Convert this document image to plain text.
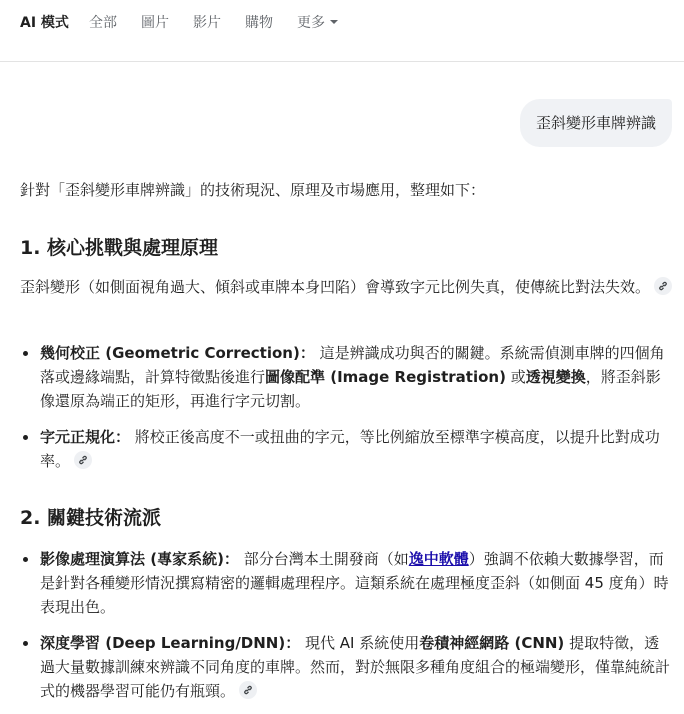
AI 模式 全部 圖片 影片 購物 更多
歪斜變形車牌辨識

針對「歪斜變形車牌辨識」的技術現況、原理及市場應用，整理如下：

1. 核心挑戰與處理原理

歪斜變形（如側面視角過大、傾斜或車牌本身凹陷）會導致字元比例失真，使傳統比對法失效。

幾何校正 (Geometric Correction)： 這是辨識成功與否的關鍵。系統需偵測車牌的四個角落或邊緣端點，計算特徵點後進行圖像配準 (Image Registration) 或透視變換，將歪斜影像還原為端正的矩形，再進行字元切割。
字元正規化： 將校正後高度不一或扭曲的字元，等比例縮放至標準字模高度，以提升比對成功率。
2. 關鍵技術流派
影像處理演算法 (專家系統)： 部分台灣本土開發商（如逸中軟體）強調不依賴大數據學習，而是針對各種變形情況撰寫精密的邏輯處理程序。這類系統在處理極度歪斜（如側面 45 度角）時表現出色。
深度學習 (Deep Learning/DNN)： 現代 AI 系統使用卷積神經網路 (CNN) 提取特徵，透過大量數據訓練來辨識不同角度的車牌。然而，對於無限多種角度組合的極端變形，僅靠純統計式的機器學習可能仍有瓶頸。
